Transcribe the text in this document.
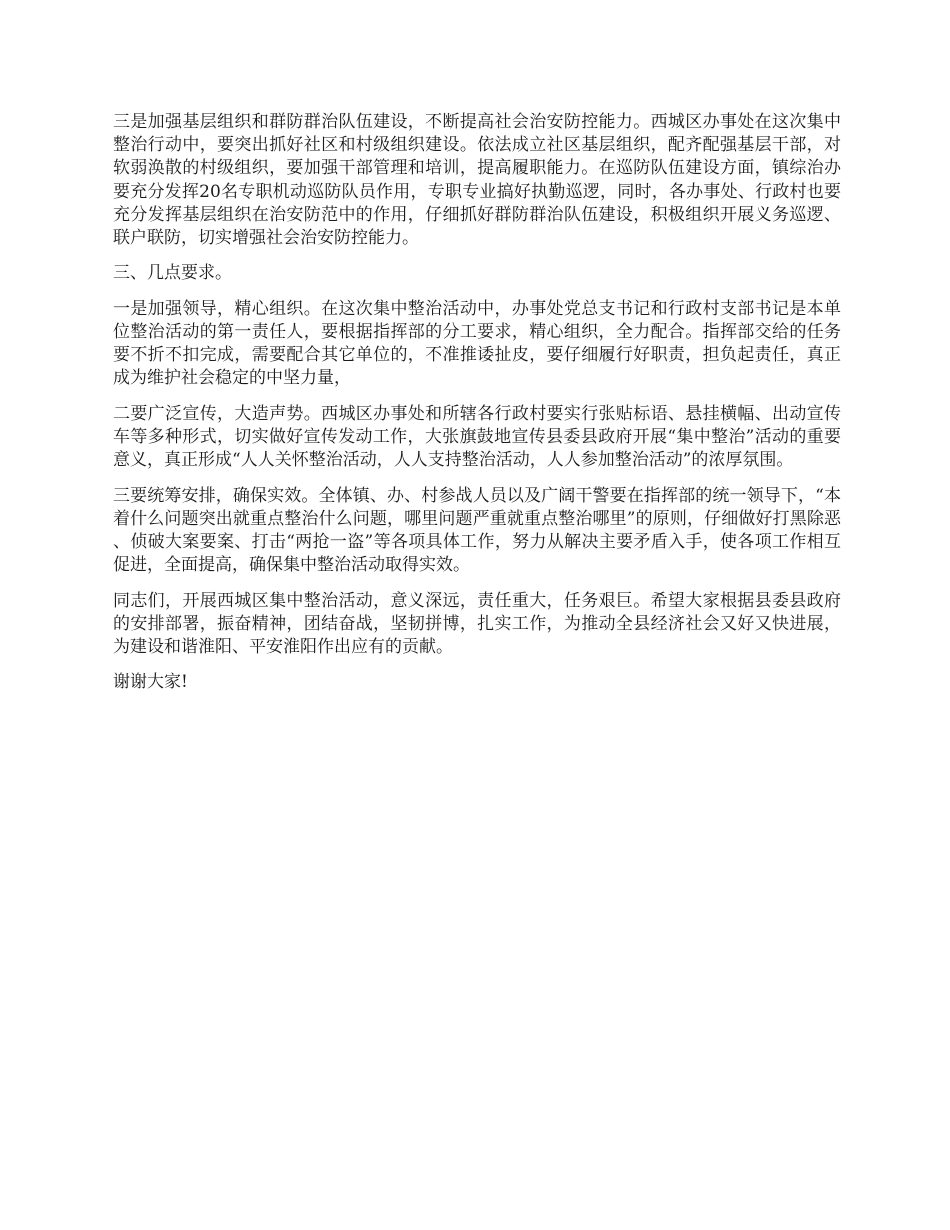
三是加强基层组织和群防群治队伍建设，不断提高社会治安防控能力。西城区办事处在这次集中整治行动中，要突出抓好社区和村级组织建设。依法成立社区基层组织，配齐配强基层干部，对软弱涣散的村级组织，要加强干部管理和培训，提高履职能力。在巡防队伍建设方面，镇综治办要充分发挥20名专职机动巡防队员作用，专职专业搞好执勤巡逻，同时，各办事处、行政村也要充分发挥基层组织在治安防范中的作用，仔细抓好群防群治队伍建设，积极组织开展义务巡逻、联户联防，切实增强社会治安防控能力。

三、几点要求。

一是加强领导，精心组织。在这次集中整治活动中，办事处党总支书记和行政村支部书记是本单位整治活动的第一责任人，要根据指挥部的分工要求，精心组织，全力配合。指挥部交给的任务要不折不扣完成，需要配合其它单位的，不准推诿扯皮，要仔细履行好职责，担负起责任，真正成为维护社会稳定的中坚力量，

二要广泛宣传，大造声势。西城区办事处和所辖各行政村要实行张贴标语、悬挂横幅、出动宣传车等多种形式，切实做好宣传发动工作，大张旗鼓地宣传县委县政府开展“集中整治”活动的重要意义，真正形成“人人关怀整治活动，人人支持整治活动，人人参加整治活动”的浓厚氛围。

三要统筹安排，确保实效。全体镇、办、村参战人员以及广阔干警要在指挥部的统一领导下，“本着什么问题突出就重点整治什么问题，哪里问题严重就重点整治哪里”的原则，仔细做好打黑除恶、侦破大案要案、打击“两抢一盗”等各项具体工作，努力从解决主要矛盾入手，使各项工作相互促进，全面提高，确保集中整治活动取得实效。

同志们，开展西城区集中整治活动，意义深远，责任重大，任务艰巨。希望大家根据县委县政府的安排部署，振奋精神，团结奋战，坚韧拼博，扎实工作，为推动全县经济社会又好又快进展，为建设和谐淮阳、平安淮阳作出应有的贡献。

谢谢大家!
